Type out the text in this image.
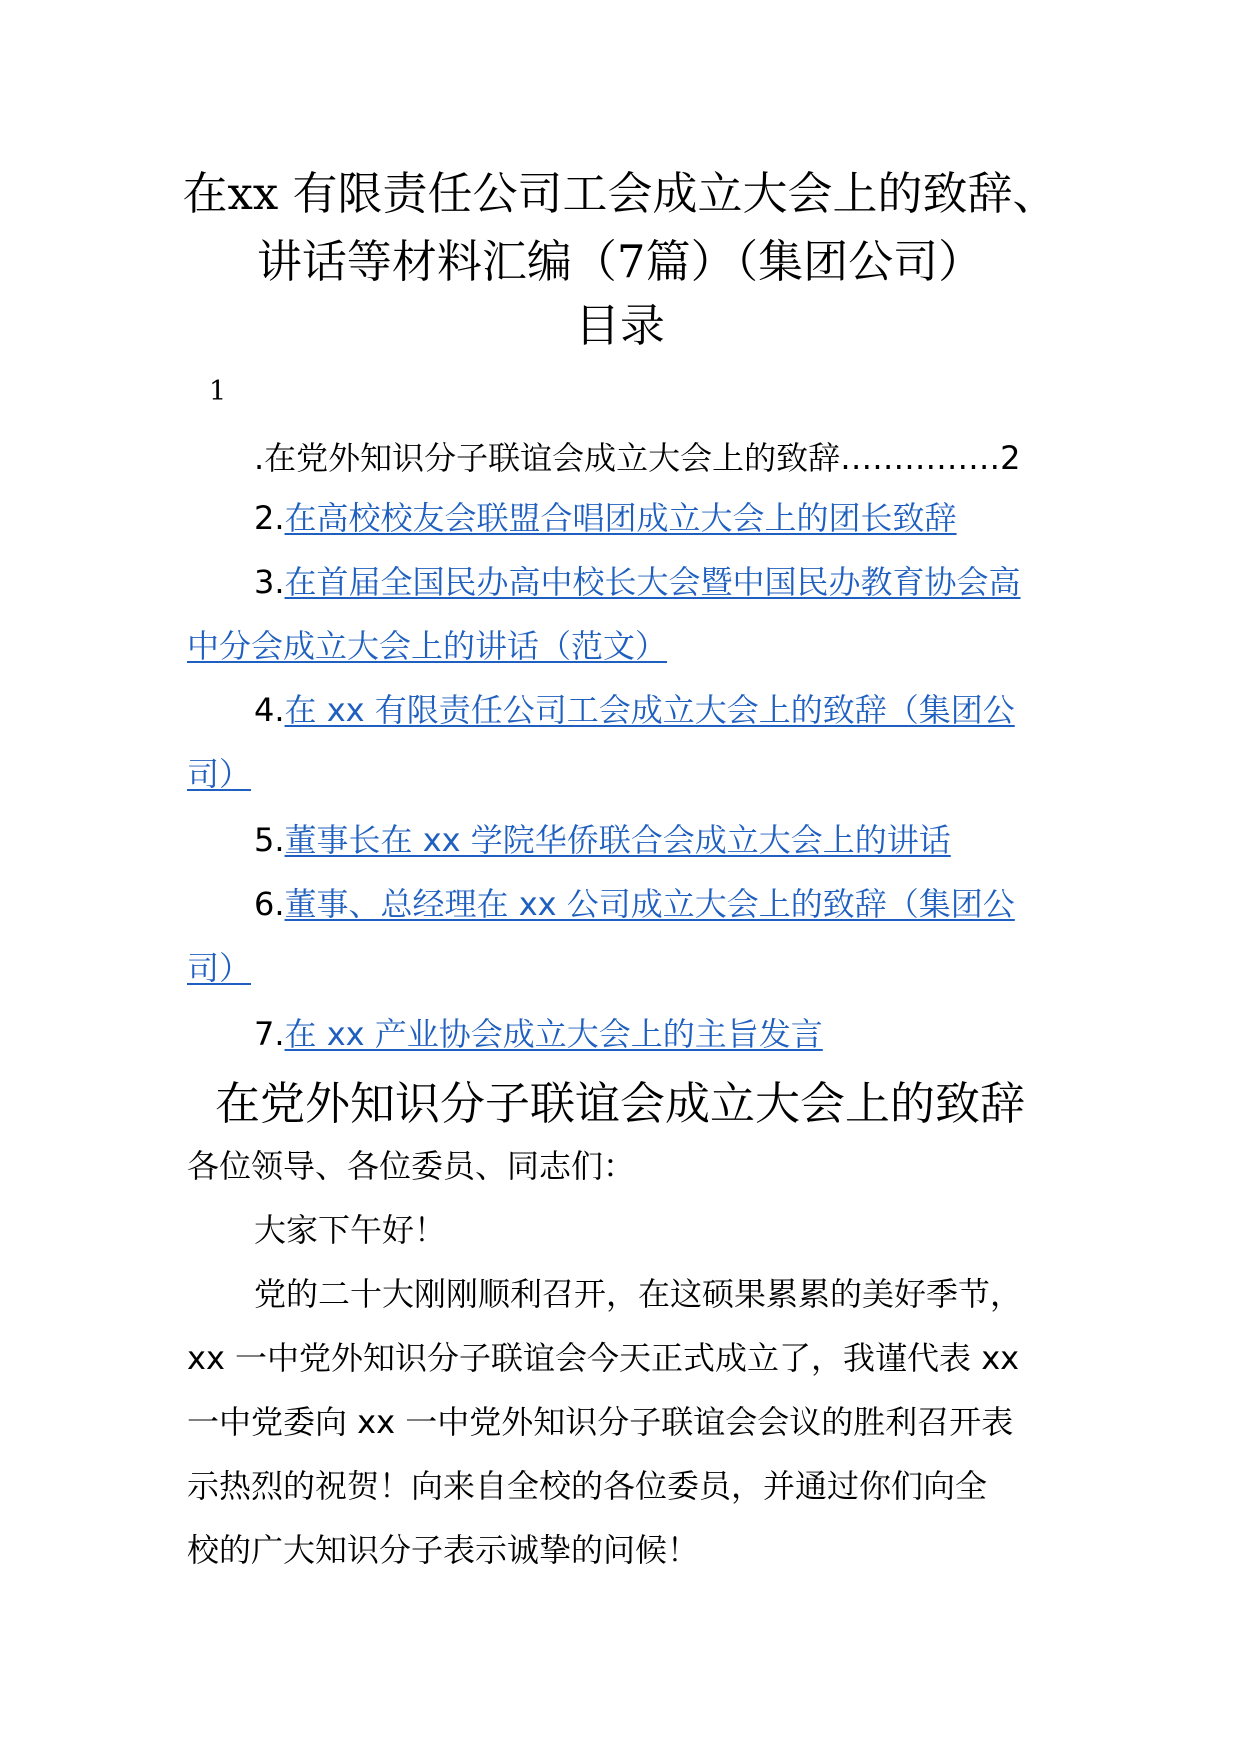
在xx 有限责任公司工会成立大会上的致辞、
讲话等材料汇编（7篇）（集团公司）
目录
1
.在党外知识分子联谊会成立大会上的致辞……………2
2.在高校校友会联盟合唱团成立大会上的团长致辞
3.在首届全国民办高中校长大会暨中国民办教育协会高
中分会成立大会上的讲话（范文）
4.在 xx 有限责任公司工会成立大会上的致辞（集团公
司）
5.董事长在 xx 学院华侨联合会成立大会上的讲话
6.董事、总经理在 xx 公司成立大会上的致辞（集团公
司）
7.在 xx 产业协会成立大会上的主旨发言
在党外知识分子联谊会成立大会上的致辞
各位领导、各位委员、同志们：
大家下午好！
党的二十大刚刚顺利召开，在这硕果累累的美好季节，
xx 一中党外知识分子联谊会今天正式成立了，我谨代表 xx
一中党委向 xx 一中党外知识分子联谊会会议的胜利召开表
示热烈的祝贺！向来自全校的各位委员，并通过你们向全
校的广大知识分子表示诚挚的问候！
